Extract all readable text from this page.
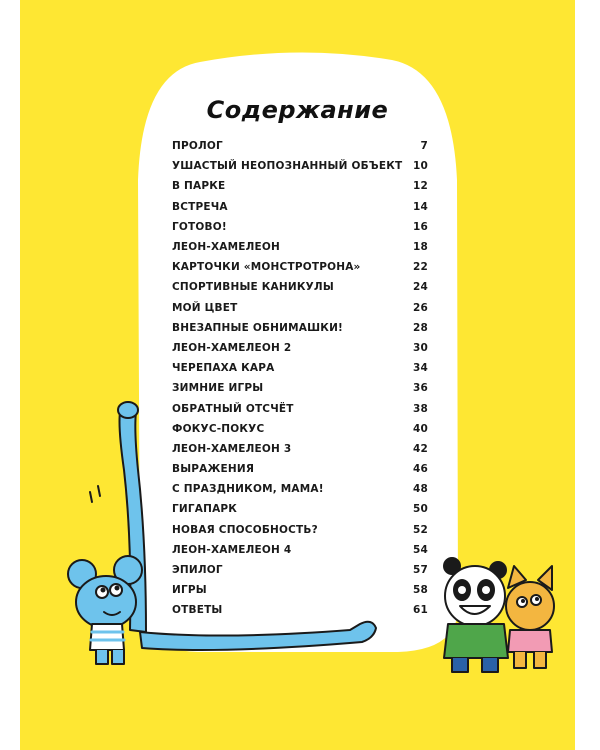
Содержание
ПРОЛОГ	7
УШАСТЫЙ НЕОПОЗНАННЫЙ ОБЪЕКТ 10
В ПАРКЕ	12
ВСТРЕЧА	14
ГОТОВО!	16
ЛЕОН-ХАМЕЛЕОН	18
КАРТОЧКИ «МОНСТРОТРОНА»	22
СПОРТИВНЫЕ КАНИКУЛЫ	24
МОЙ ЦВЕТ	26
ВНЕЗАПНЫЕ ОБНИМАШКИ!	28
ЛЕОН-ХАМЕЛЕОН 2	30
ЧЕРЕПАХА КАРА	34
ЗИМНИЕ ИГРЫ	36
ОБРАТНЫЙ ОТСЧЁТ	38
ФОКУС-ПОКУС	40
ЛЕОН-ХАМЕЛЕОН 3	42
ВЫРАЖЕНИЯ	46
С ПРАЗДНИКОМ, МАМА!	48
ГИГАПАРК	50
НОВАЯ СПОСОБНОСТЬ?	52
ЛЕОН-ХАМЕЛЕОН 4	54
ЭПИЛОГ	57
ИГРЫ	58
ОТВЕТЫ	61
